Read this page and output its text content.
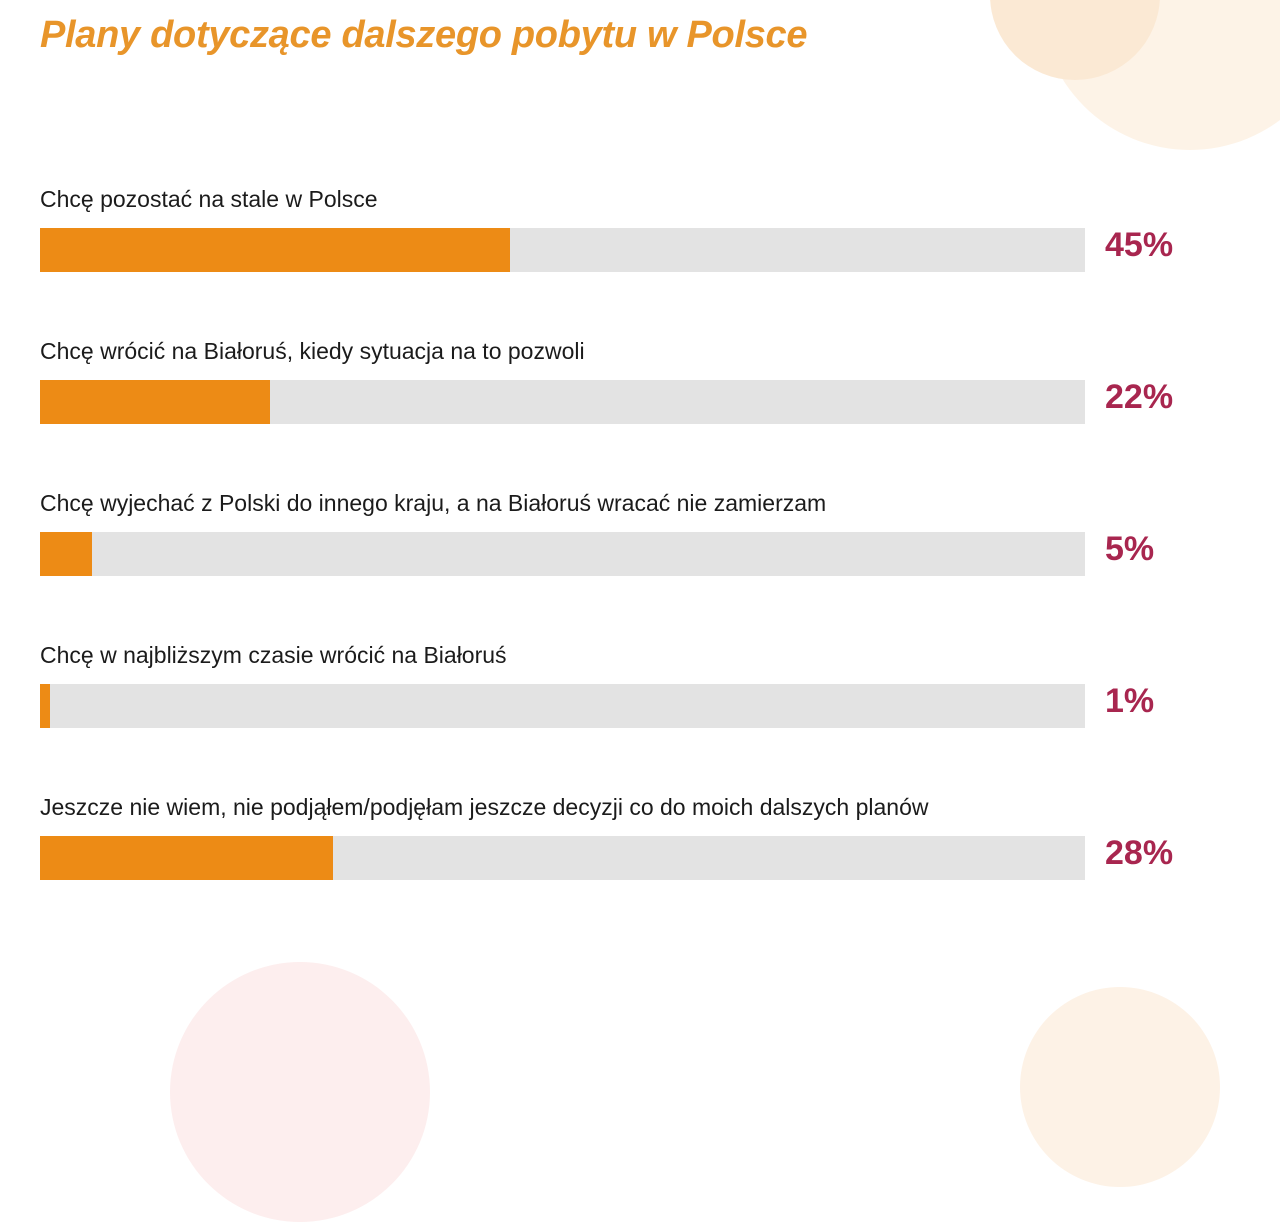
Plany dotyczące dalszego pobytu w Polsce
Chcę pozostać na stale w Polsce
45%
Chcę wrócić na Białoruś, kiedy sytuacja na to pozwoli
22%
Chcę wyjechać z Polski do innego kraju, a na Białoruś wracać nie zamierzam
5%
Chcę w najbliższym czasie wrócić na Białoruś
1%
Jeszcze nie wiem, nie podjąłem/podjęłam jeszcze decyzji co do moich dalszych planów
28%
